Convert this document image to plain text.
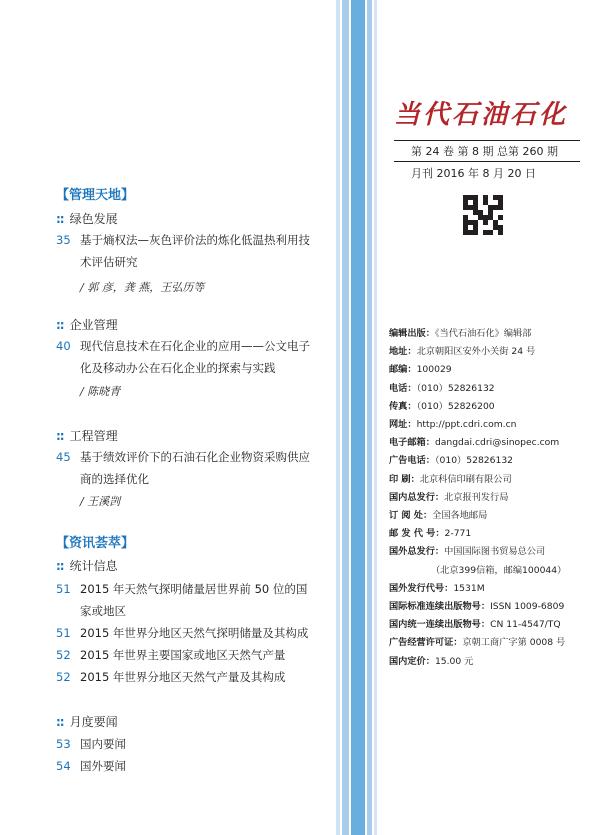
【管理天地】
:: 绿色发展
35 基于熵权法—灰色评价法的炼化低温热利用技术评估研究
/ 郭 彦，龚 燕，王弘历等
:: 企业管理
40 现代信息技术在石化企业的应用——公文电子化及移动办公在石化企业的探索与实践
/ 陈晓青
:: 工程管理
45 基于绩效评价下的石油石化企业物资采购供应商的选择优化
/ 王溪剀
【资讯荟萃】
:: 统计信息
51 2015 年天然气探明储量居世界前 50 位的国家或地区
51 2015 年世界分地区天然气探明储量及其构成
52 2015 年世界主要国家或地区天然气产量
52 2015 年世界分地区天然气产量及其构成
:: 月度要闻
53 国内要闻
54 国外要闻
当代石油石化
第 24 卷 第 8 期 总第 260 期
月刊 2016 年 8 月 20 日
编辑出版：《当代石油石化》编辑部
地址：北京朝阳区安外小关街 24 号
邮编：100029
电话：（010）52826132
传真：（010）52826200
网址：http://ppt.cdri.com.cn
电子邮箱：dangdai.cdri@sinopec.com
广告电话：（010）52826132
印 刷：北京科信印刷有限公司
国内总发行：北京报刊发行局
订 阅 处：全国各地邮局
邮 发 代 号：2-771
国外总发行：中国国际图书贸易总公司
（北京399信箱，邮编100044）
国外发行代号：1531M
国际标准连续出版物号：ISSN 1009-6809
国内统一连续出版物号：CN 11-4547/TQ
广告经营许可证：京朝工商广字第 0008 号
国内定价：15.00 元
